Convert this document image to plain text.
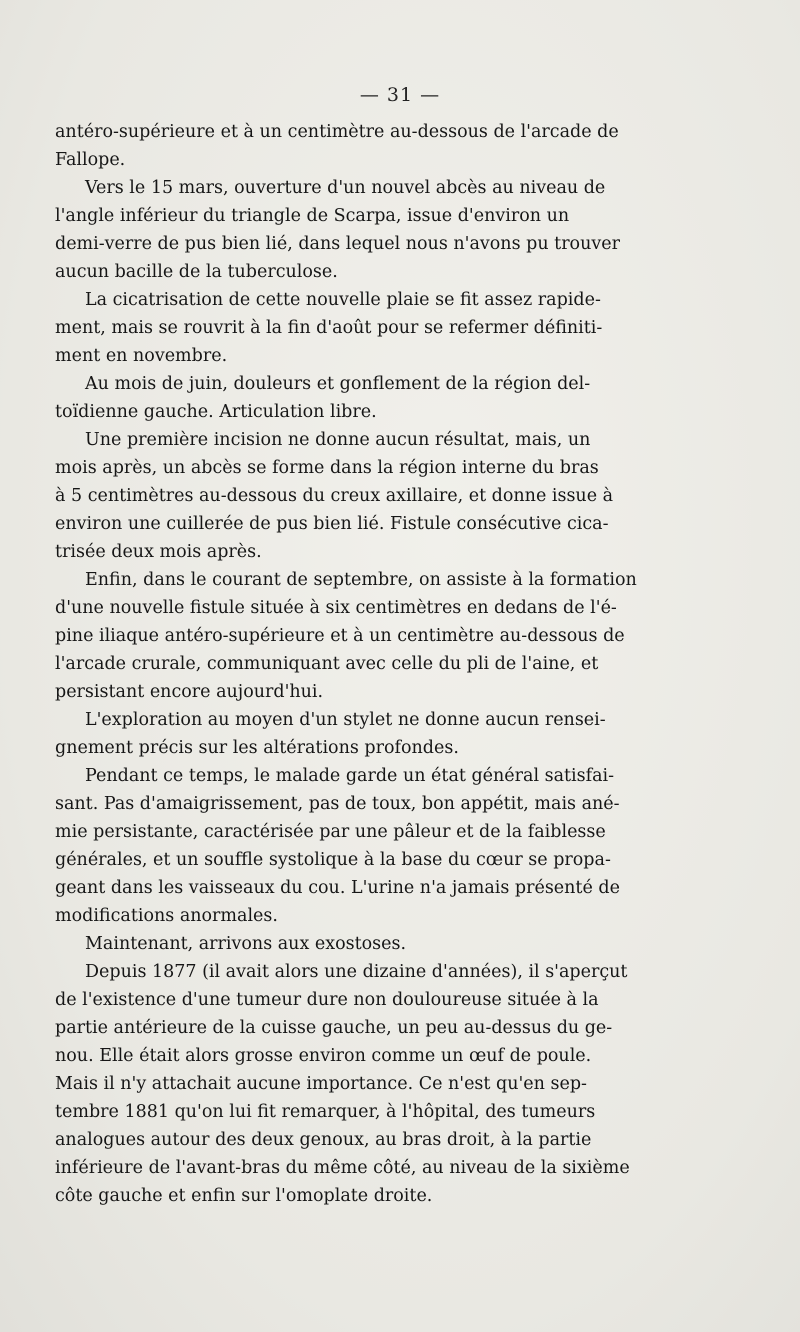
— 31 —
antéro-supérieure et à un centimètre au-dessous de l'arcade de
Fallope.
Vers le 15 mars, ouverture d'un nouvel abcès au niveau de
l'angle inférieur du triangle de Scarpa, issue d'environ un
demi-verre de pus bien lié, dans lequel nous n'avons pu trouver
aucun bacille de la tuberculose.
La cicatrisation de cette nouvelle plaie se fit assez rapide-
ment, mais se rouvrit à la fin d'août pour se refermer définiti-
ment en novembre.
Au mois de juin, douleurs et gonflement de la région del-
toïdienne gauche. Articulation libre.
Une première incision ne donne aucun résultat, mais, un
mois après, un abcès se forme dans la région interne du bras
à 5 centimètres au-dessous du creux axillaire, et donne issue à
environ une cuillerée de pus bien lié. Fistule consécutive cica-
trisée deux mois après.
Enfin, dans le courant de septembre, on assiste à la formation
d'une nouvelle fistule située à six centimètres en dedans de l'é-
pine iliaque antéro-supérieure et à un centimètre au-dessous de
l'arcade crurale, communiquant avec celle du pli de l'aine, et
persistant encore aujourd'hui.
L'exploration au moyen d'un stylet ne donne aucun rensei-
gnement précis sur les altérations profondes.
Pendant ce temps, le malade garde un état général satisfai-
sant. Pas d'amaigrissement, pas de toux, bon appétit, mais ané-
mie persistante, caractérisée par une pâleur et de la faiblesse
générales, et un souffle systolique à la base du cœur se propa-
geant dans les vaisseaux du cou. L'urine n'a jamais présenté de
modifications anormales.
Maintenant, arrivons aux exostoses.
Depuis 1877 (il avait alors une dizaine d'années), il s'aperçut
de l'existence d'une tumeur dure non douloureuse située à la
partie antérieure de la cuisse gauche, un peu au-dessus du ge-
nou. Elle était alors grosse environ comme un œuf de poule.
Mais il n'y attachait aucune importance. Ce n'est qu'en sep-
tembre 1881 qu'on lui fit remarquer, à l'hôpital, des tumeurs
analogues autour des deux genoux, au bras droit, à la partie
inférieure de l'avant-bras du même côté, au niveau de la sixième
côte gauche et enfin sur l'omoplate droite.
